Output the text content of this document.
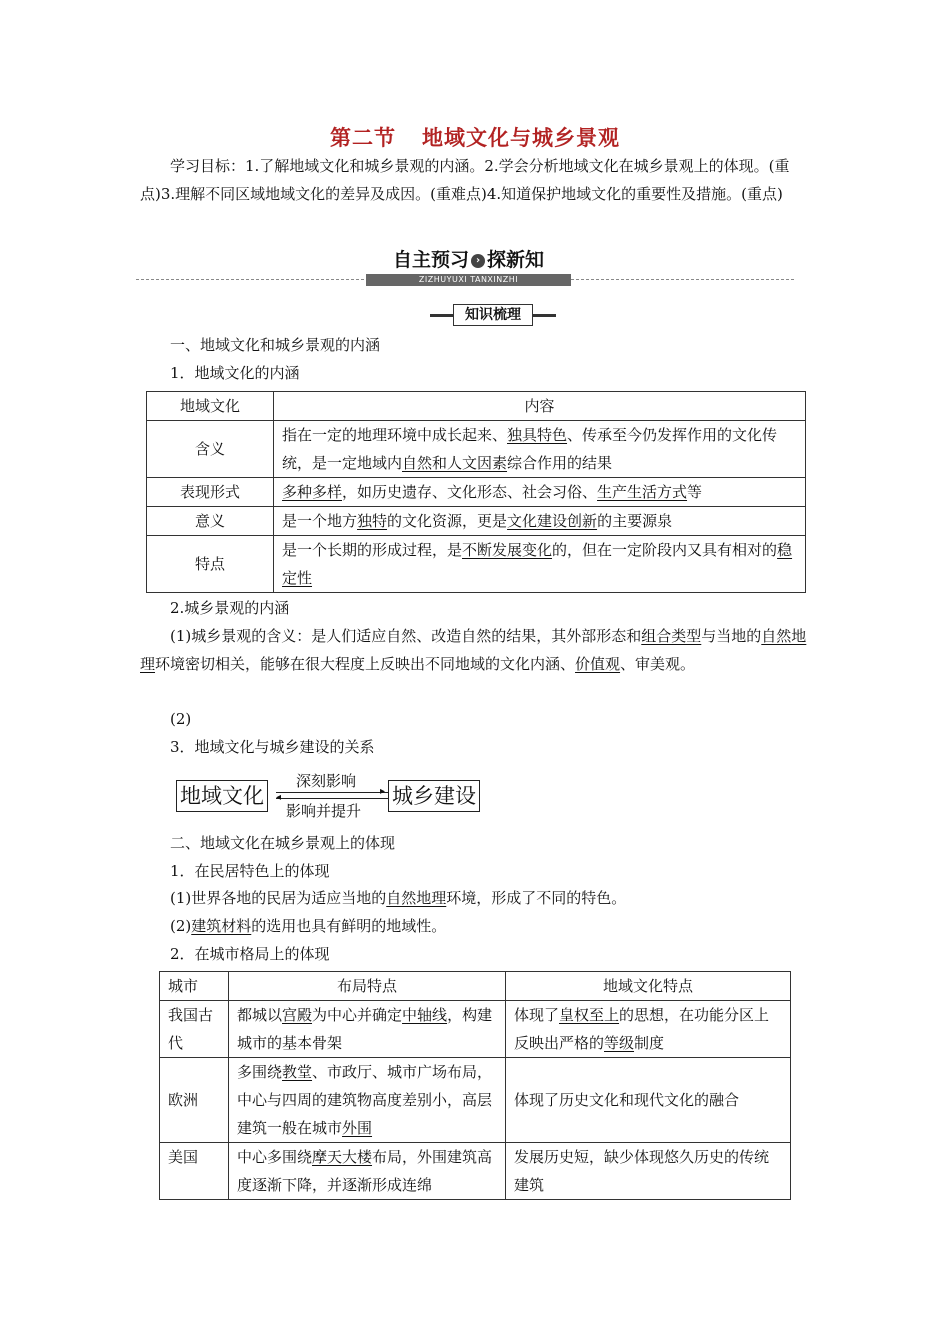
第二节 地域文化与城乡景观
学习目标：1.了解地域文化和城乡景观的内涵。2.学会分析地域文化在城乡景观上的体现。(重点)3.理解不同区域地域文化的差异及成因。(重难点)4.知道保护地域文化的重要性及措施。(重点)
自主预习 › 探新知
ZIZHUYUXI TANXINZHI
知识梳理
一、地域文化和城乡景观的内涵
1．地域文化的内涵
地域文化	内容
含义	指在一定的地理环境中成长起来、独具特色、传承至今仍发挥作用的文化传统，是一定地域内自然和人文因素综合作用的结果
表现形式	多种多样，如历史遗存、文化形态、社会习俗、生产生活方式等
意义	是一个地方独特的文化资源，更是文化建设创新的主要源泉
特点	是一个长期的形成过程，是不断发展变化的，但在一定阶段内又具有相对的稳定性
2.城乡景观的内涵
(1)城乡景观的含义：是人们适应自然、改造自然的结果，其外部形态和组合类型与当地的自然地理环境密切相关，能够在很大程度上反映出不同地域的文化内涵、价值观、审美观。
(2)
3．地域文化与城乡建设的关系
地域文化	城乡建设
深刻影响
影响并提升
▸
◂
二、地域文化在城乡景观上的体现
1．在民居特色上的体现
(1)世界各地的民居为适应当地的自然地理环境，形成了不同的特色。
(2)建筑材料的选用也具有鲜明的地域性。
2．在城市格局上的体现
城市	布局特点	地域文化特点
我国古代	都城以宫殿为中心并确定中轴线，构建城市的基本骨架	体现了皇权至上的思想，在功能分区上反映出严格的等级制度
欧洲	多围绕教堂、市政厅、城市广场布局，中心与四周的建筑物高度差别小，高层建筑一般在城市外围	体现了历史文化和现代文化的融合
美国	中心多围绕摩天大楼布局，外围建筑高度逐渐下降，并逐渐形成连绵	发展历史短，缺少体现悠久历史的传统建筑
